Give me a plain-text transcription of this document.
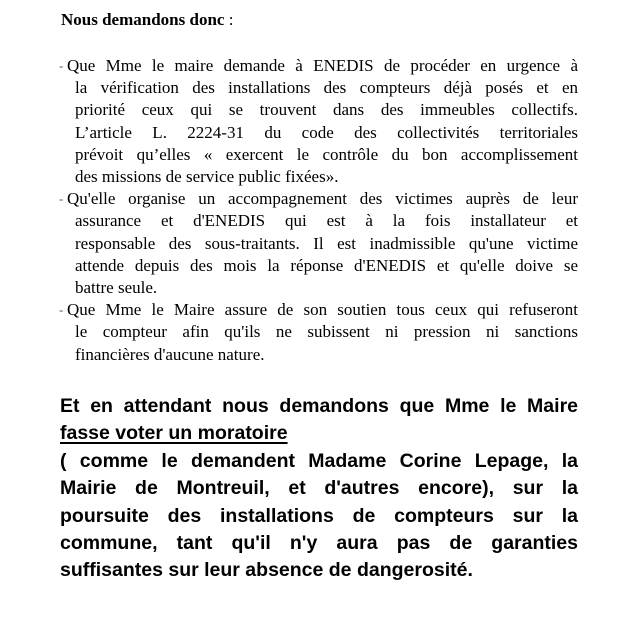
Nous demandons donc :
- Que Mme le maire demande à ENEDIS de procéder en urgence à
la vérification des installations des compteurs déjà posés et en
priorité ceux qui se trouvent dans des immeubles collectifs.
L’article L. 2224-31 du code des collectivités territoriales
prévoit qu’elles « exercent le contrôle du bon accomplissement
des missions de service public fixées».
- Qu'elle organise un accompagnement des victimes auprès de leur
assurance et d'ENEDIS qui est à la fois installateur et
responsable des sous-traitants. Il est inadmissible qu'une victime
attende depuis des mois la réponse d'ENEDIS et qu'elle doive se
battre seule.
- Que Mme le Maire assure de son soutien tous ceux qui refuseront
le compteur afin qu'ils ne subissent ni pression ni sanctions
financières d'aucune nature.
Et en attendant nous demandons que Mme le Maire
fasse voter un moratoire
( comme le demandent Madame Corine Lepage, la
Mairie de Montreuil, et d'autres encore), sur la
poursuite des installations de compteurs sur la
commune, tant qu'il n'y aura pas de garanties
suffisantes sur leur absence de dangerosité.
